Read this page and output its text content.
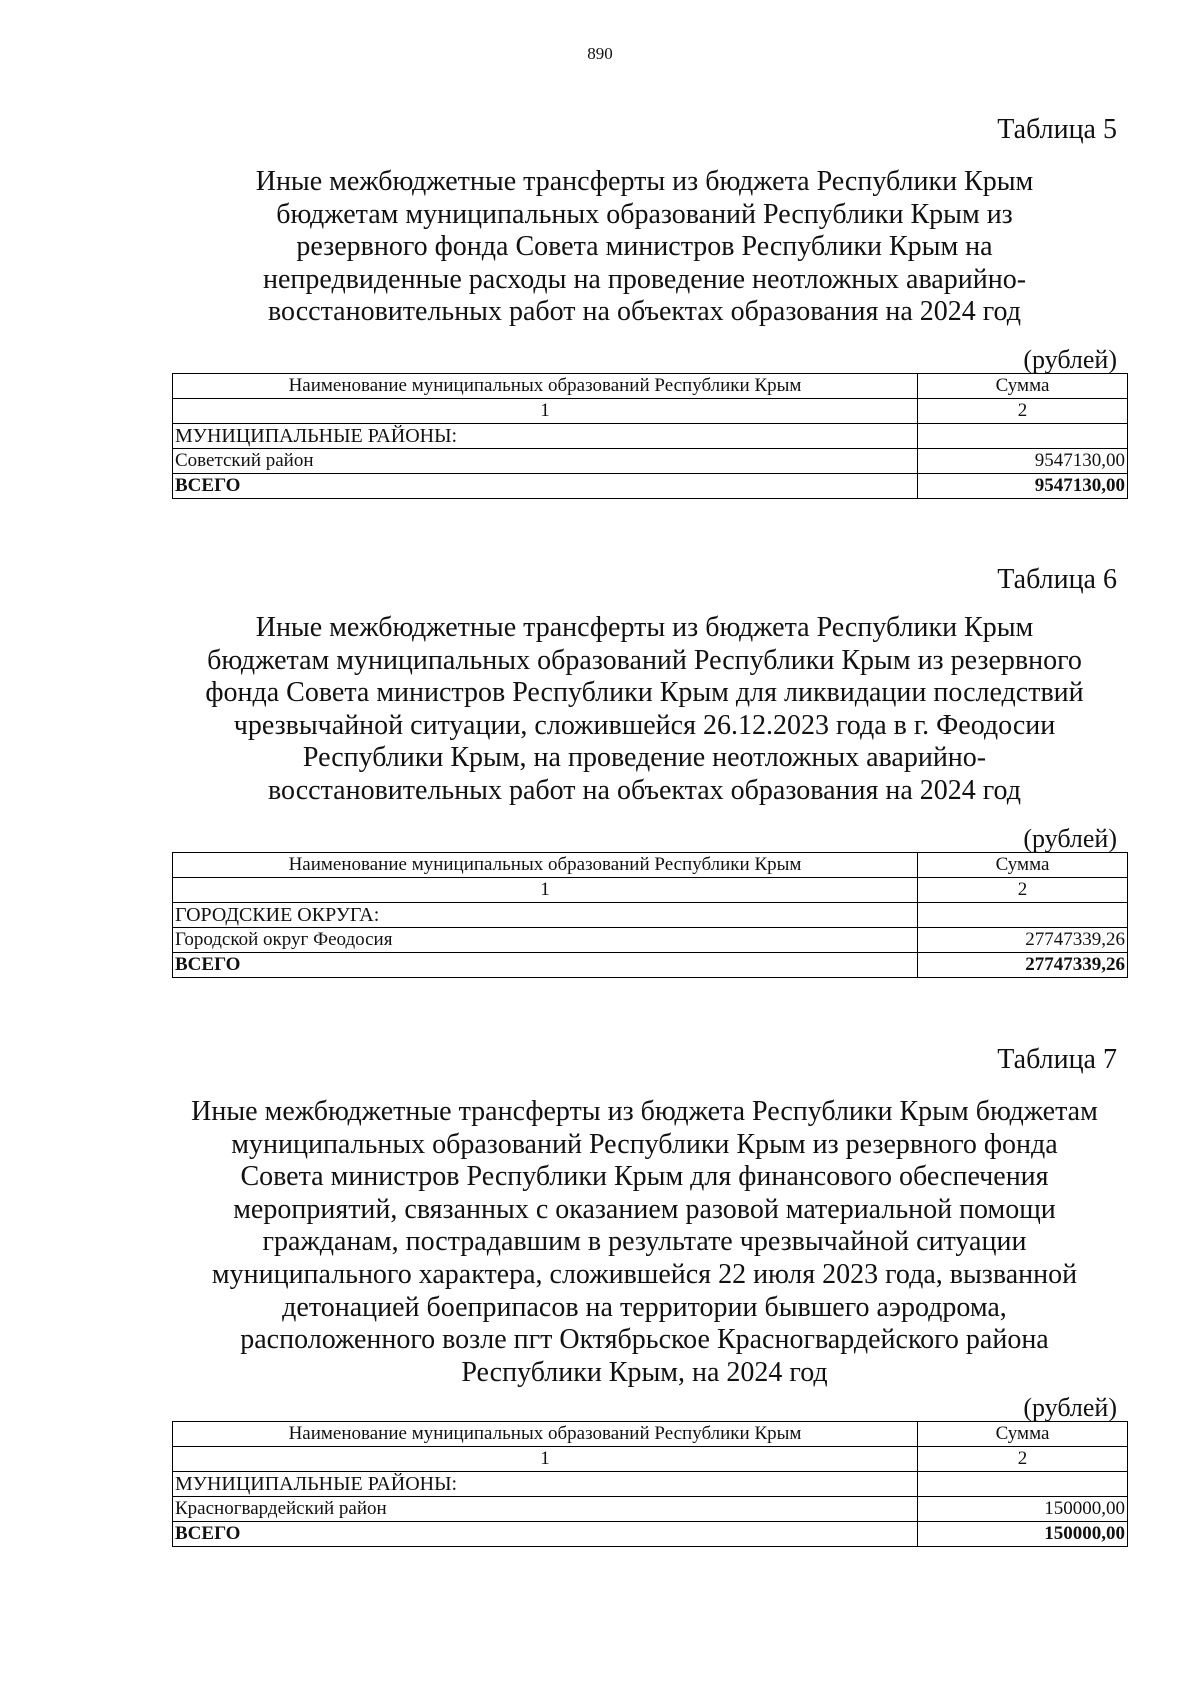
890

Таблица 5

Иные межбюджетные трансферты из бюджета Республики Крым бюджетам муниципальных образований Республики Крым из резервного фонда Совета министров Республики Крым на непредвиденные расходы на проведение неотложных аварийно-восстановительных работ на объектах образования на 2024 год

(рублей)

Наименование муниципальных образований Республики Крым	Сумма
1	2
МУНИЦИПАЛЬНЫЕ РАЙОНЫ:	
Советский район	9547130,00
ВСЕГО	9547130,00

Таблица 6

Иные межбюджетные трансферты из бюджета Республики Крым бюджетам муниципальных образований Республики Крым из резервного фонда Совета министров Республики Крым для ликвидации последствий чрезвычайной ситуации, сложившейся 26.12.2023 года в г. Феодосии Республики Крым, на проведение неотложных аварийно-восстановительных работ на объектах образования на 2024 год

(рублей)

Наименование муниципальных образований Республики Крым	Сумма
1	2
ГОРОДСКИЕ ОКРУГА:	
Городской округ Феодосия	27747339,26
ВСЕГО	27747339,26

Таблица 7

Иные межбюджетные трансферты из бюджета Республики Крым бюджетам муниципальных образований Республики Крым из резервного фонда Совета министров Республики Крым для финансового обеспечения мероприятий, связанных с оказанием разовой материальной помощи гражданам, пострадавшим в результате чрезвычайной ситуации муниципального характера, сложившейся 22 июля 2023 года, вызванной детонацией боеприпасов на территории бывшего аэродрома, расположенного возле пгт Октябрьское Красногвардейского района Республики Крым, на 2024 год

(рублей)

Наименование муниципальных образований Республики Крым	Сумма
1	2
МУНИЦИПАЛЬНЫЕ РАЙОНЫ:	
Красногвардейский район	150000,00
ВСЕГО	150000,00
